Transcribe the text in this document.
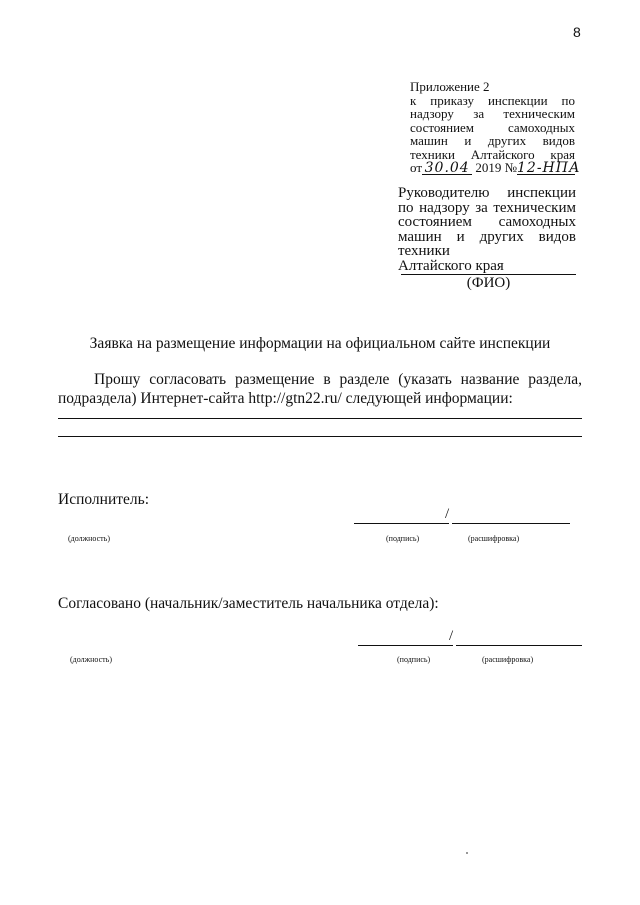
8
Приложение 2
к приказу инспекции по надзору за техническим состоянием самоходных машин и других видов техники Алтайского края
от 30.04 2019 № 12-НПА
Руководителю инспекции по надзору за техническим состоянием самоходных машин и других видов техники
Алтайского края
(ФИО)
Заявка на размещение информации на официальном сайте инспекции
Прошу согласовать размещение в разделе (указать название раздела, подраздела) Интернет-сайта http://gtn22.ru/ следующей информации:
Исполнитель:
/
(должность)	(подпись)	(расшифровка)
Согласовано (начальник/заместитель начальника отдела):
/
(должность)	(подпись)	(расшифровка)
